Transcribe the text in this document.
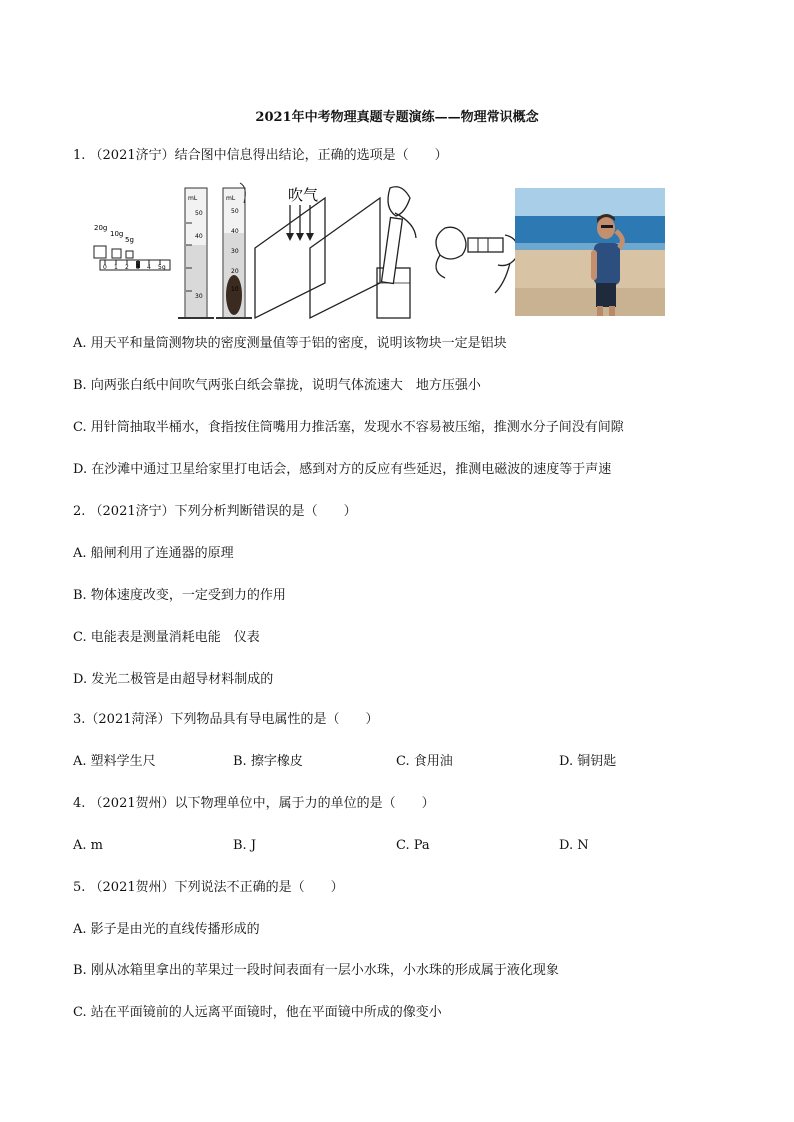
2021年中考物理真题专题演练——物理常识概念
1. （2021济宁）结合图中信息得出结论，正确的选项是（　　）
20g
10g
5g
0 1 2 3 4 5g
mL
50
40
30
mL
50
40
30
20
10
吹气
A. 用天平和量筒测物块的密度测量值等于铝的密度，说明该物块一定是铝块
B. 向两张白纸中间吹气两张白纸会靠拢，说明气体流速大　地方压强小
C. 用针筒抽取半桶水，食指按住筒嘴用力推活塞，发现水不容易被压缩，推测水分子间没有间隙
D. 在沙滩中通过卫星给家里打电话会，感到对方的反应有些延迟，推测电磁波的速度等于声速
2. （2021济宁）下列分析判断错误的是（　　）
A. 船闸利用了连通器的原理
B. 物体速度改变，一定受到力的作用
C. 电能表是测量消耗电能　仪表
D. 发光二极管是由超导材料制成的
3.（2021菏泽）下列物品具有导电属性的是（　　）
A. 塑料学生尺	B. 擦字橡皮	C. 食用油	D. 铜钥匙
4. （2021贺州）以下物理单位中，属于力的单位的是（　　）
A. m	B. J	C. Pa	D. N
5. （2021贺州）下列说法不正确的是（　　）
A. 影子是由光的直线传播形成的
B. 刚从冰箱里拿出的苹果过一段时间表面有一层小水珠，小水珠的形成属于液化现象
C. 站在平面镜前的人远离平面镜时，他在平面镜中所成的像变小
